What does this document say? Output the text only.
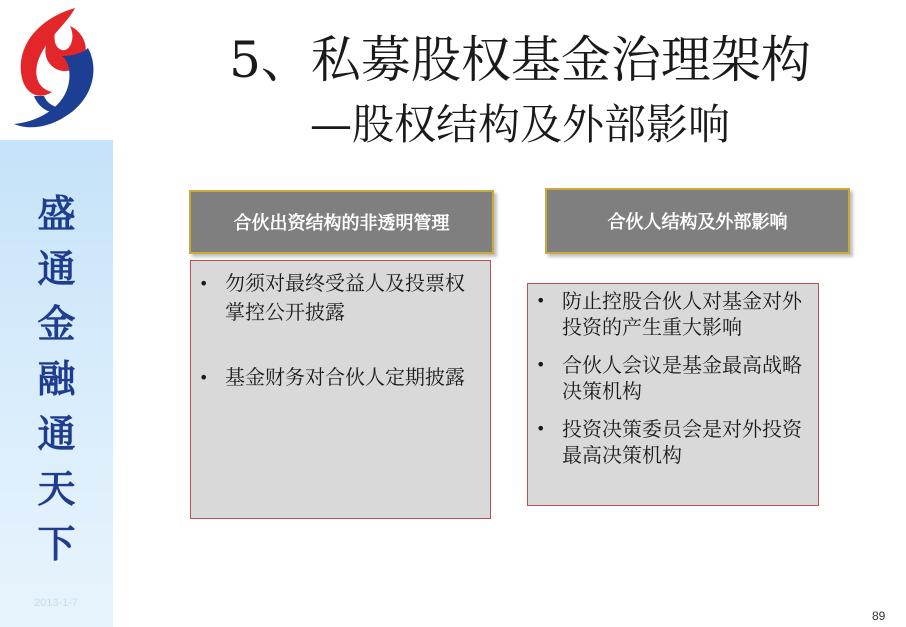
盛
通
金
融
通
天
下
2013-1-7
5、私募股权基金治理架构
—股权结构及外部影响
合伙出资结构的非透明管理
• 勿须对最终受益人及投票权掌控公开披露
• 基金财务对合伙人定期披露
合伙人结构及外部影响
• 防止控股合伙人对基金对外投资的产生重大影响
• 合伙人会议是基金最高战略决策机构
• 投资决策委员会是对外投资最高决策机构
89
